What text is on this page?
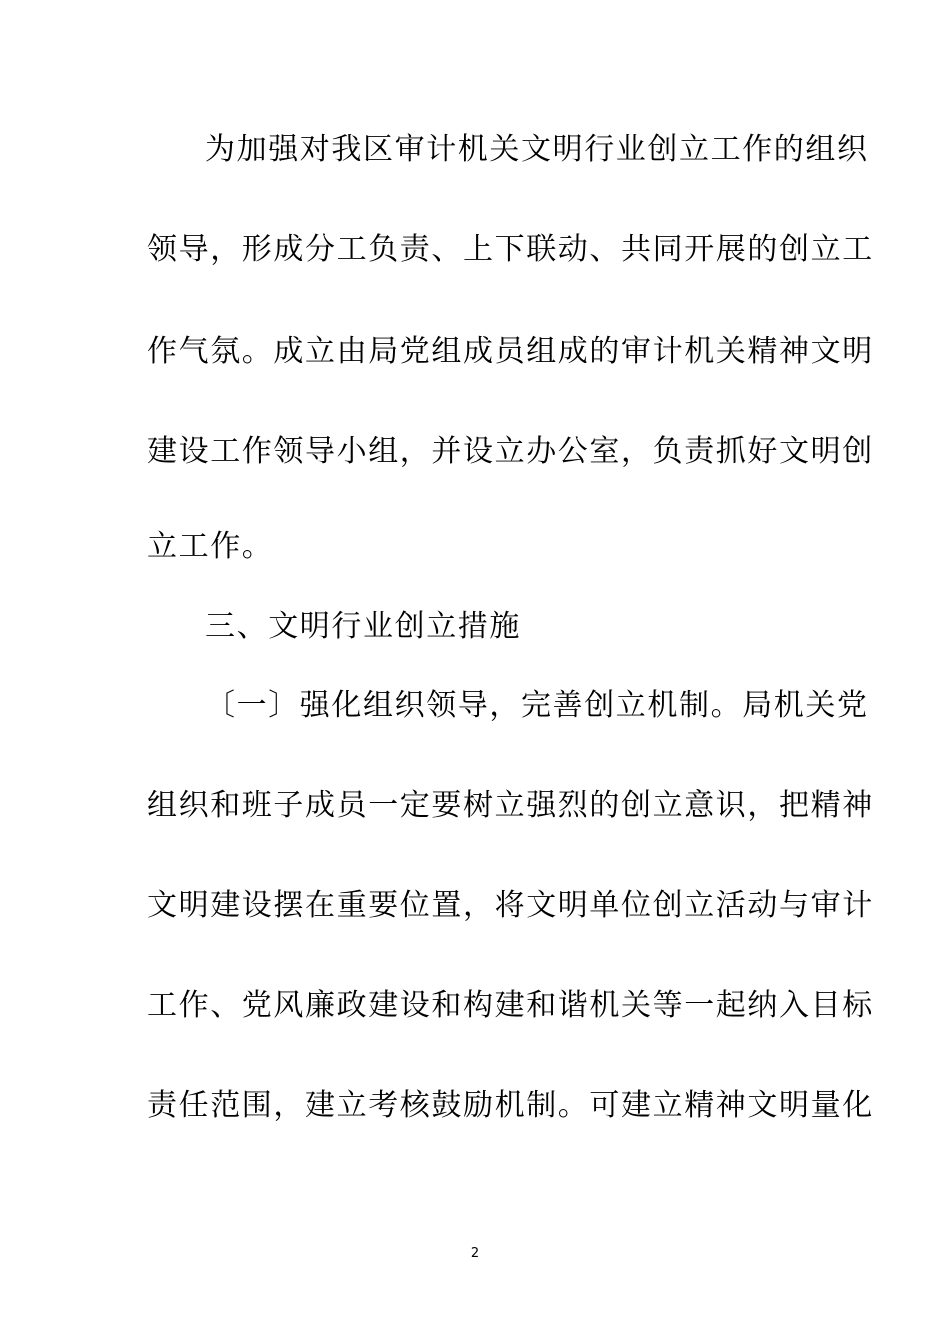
为加强对我区审计机关文明行业创立工作的组织
领导，形成分工负责、上下联动、共同开展的创立工
作气氛。成立由局党组成员组成的审计机关精神文明
建设工作领导小组，并设立办公室，负责抓好文明创
立工作。
三、文明行业创立措施
〔一〕强化组织领导，完善创立机制。局机关党
组织和班子成员一定要树立强烈的创立意识，把精神
文明建设摆在重要位置，将文明单位创立活动与审计
工作、党风廉政建设和构建和谐机关等一起纳入目标
责任范围，建立考核鼓励机制。可建立精神文明量化
2
